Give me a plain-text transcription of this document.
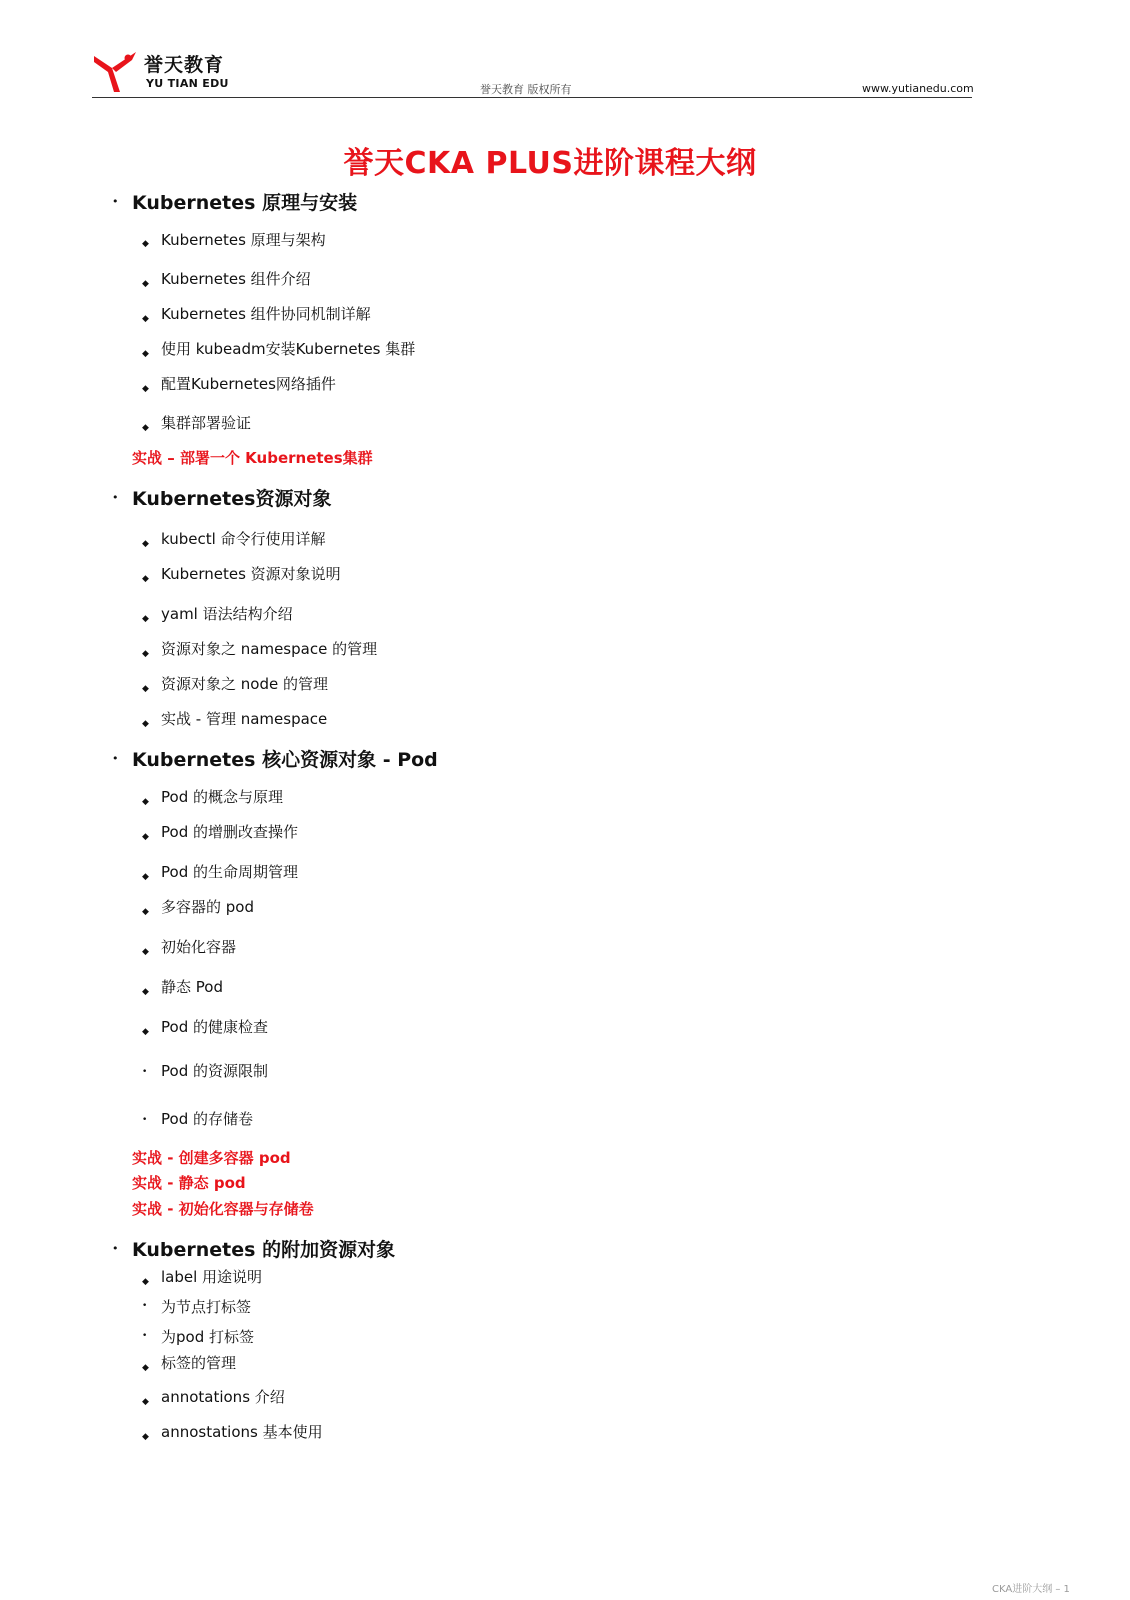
誉天教育
YU TIAN EDU	誉天教育 版权所有	www.yutianedu.com
誉天CKA PLUS进阶课程大纲
• Kubernetes 原理与安装
◆ Kubernetes 原理与架构
◆ Kubernetes 组件介绍
◆ Kubernetes 组件协同机制详解
◆ 使用 kubeadm安装Kubernetes 集群
◆ 配置Kubernetes网络插件
◆ 集群部署验证
实战 – 部署一个 Kubernetes集群
• Kubernetes资源对象
◆ kubectl 命令行使用详解
◆ Kubernetes 资源对象说明
◆ yaml 语法结构介绍
◆ 资源对象之 namespace 的管理
◆ 资源对象之 node 的管理
◆ 实战 - 管理 namespace
• Kubernetes 核心资源对象 - Pod
◆ Pod 的概念与原理
◆ Pod 的增删改查操作
◆ Pod 的生命周期管理
◆ 多容器的 pod
◆ 初始化容器
◆ 静态 Pod
◆ Pod 的健康检查
• Pod 的资源限制
• Pod 的存储卷
实战 - 创建多容器 pod
实战 - 静态 pod
实战 - 初始化容器与存储卷
• Kubernetes 的附加资源对象
◆ label 用途说明
• 为节点打标签
• 为pod 打标签
◆ 标签的管理
◆ annotations 介绍
◆ annostations 基本使用
CKA进阶大纲 – 1
